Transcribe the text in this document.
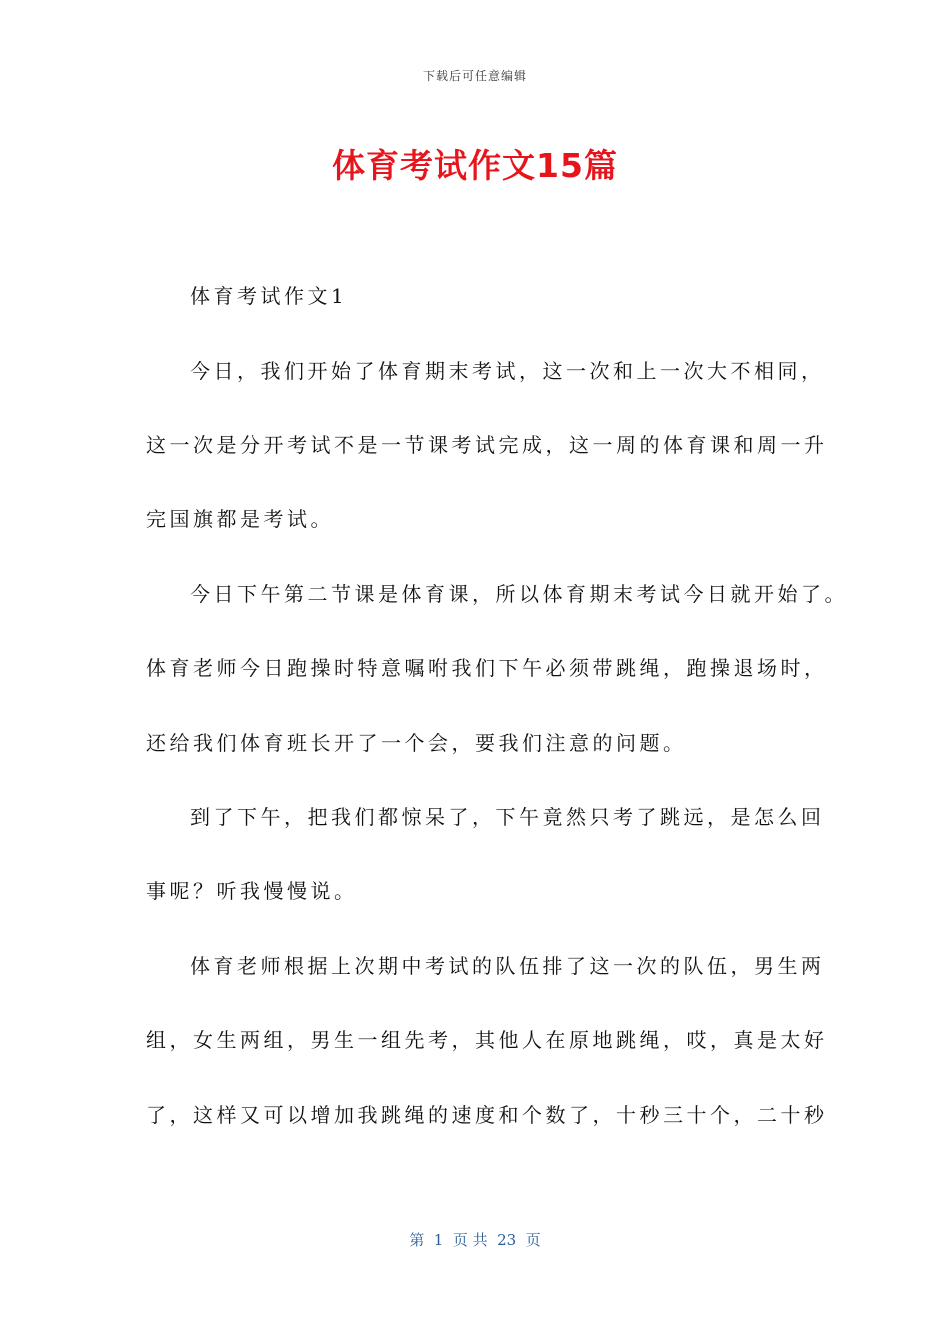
下载后可任意编辑
体育考试作文15篇
体育考试作文1
今日，我们开始了体育期末考试，这一次和上一次大不相同，
这一次是分开考试不是一节课考试完成，这一周的体育课和周一升
完国旗都是考试。
今日下午第二节课是体育课，所以体育期末考试今日就开始了。
体育老师今日跑操时特意嘱咐我们下午必须带跳绳，跑操退场时，
还给我们体育班长开了一个会，要我们注意的问题。
到了下午，把我们都惊呆了，下午竟然只考了跳远，是怎么回
事呢？听我慢慢说。
体育老师根据上次期中考试的队伍排了这一次的队伍，男生两
组，女生两组，男生一组先考，其他人在原地跳绳，哎，真是太好
了，这样又可以增加我跳绳的速度和个数了，十秒三十个，二十秒
第  1  页 共  23  页
